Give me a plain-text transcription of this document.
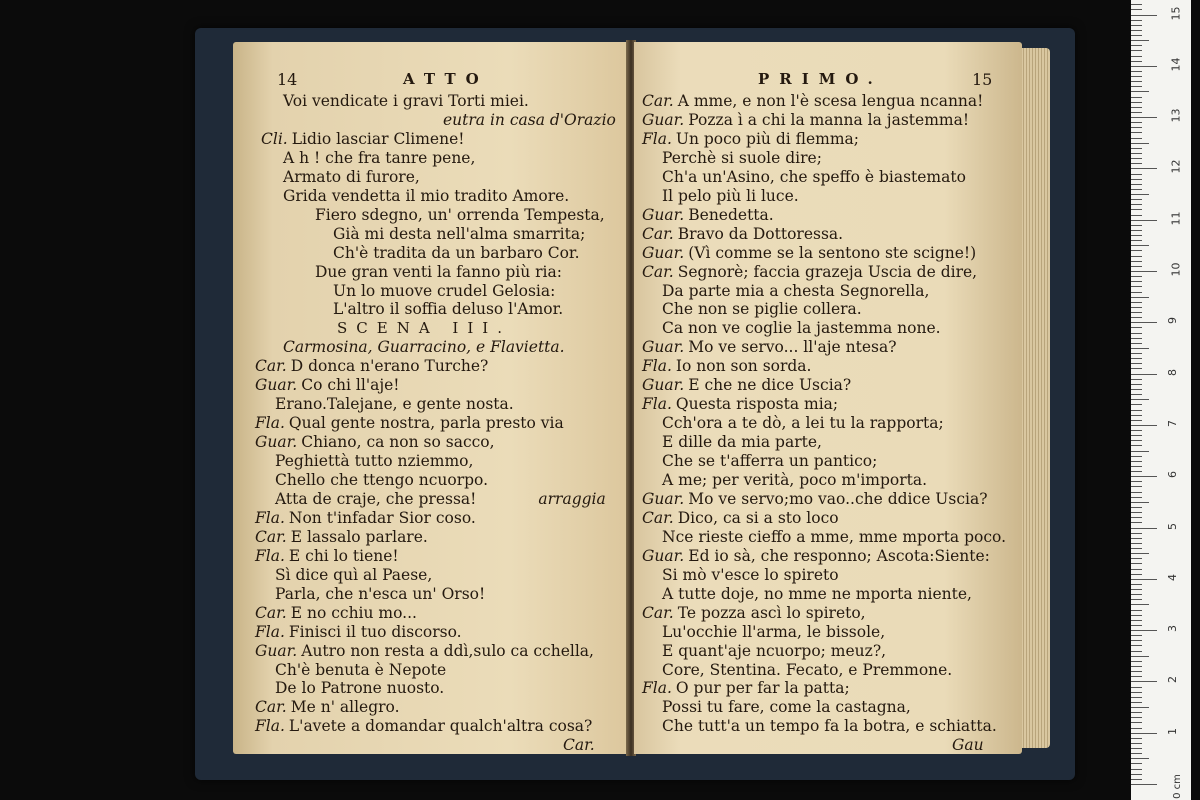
14	ATTO
Voi vendicate i gravi Torti miei.
eutra in casa d'Orazio
Cli. Lidio lasciar Climene!
A h ! che fra tanre pene,
Armato di furore,
Grida vendetta il mio tradito Amore.
Fiero sdegno, un' orrenda Tempesta,
Già mi desta nell'alma smarrita;
Ch'è tradita da un barbaro Cor.
Due gran venti la fanno più ria:
Un lo muove crudel Gelosia:
L'altro il soffia deluso l'Amor.
SCENA III.
Carmosina, Guarracino, e Flavietta.
Car. D donca n'erano Turche?
Guar. Co chi ll'aje!
Erano.Talejane, e gente nosta.
Fla. Qual gente nostra, parla presto via
Guar. Chiano, ca non so sacco,
Peghiettà tutto nziemmo,
Chello che ttengo ncuorpo.
Atta de craje, che pressa!	arraggia
Fla. Non t'infadar Sior coso.
Car. E lassalo parlare.
Fla. E chi lo tiene!
Sì dice quì al Paese,
Parla, che n'esca un' Orso!
Car. E no cchiu mo...
Fla. Finisci il tuo discorso.
Guar. Autro non resta a ddì,sulo ca cchella,
Ch'è benuta è Nepote
De lo Patrone nuosto.
Car. Me n' allegro.
Fla. L'avete a domandar qualch'altra cosa?
Car.
PRIMO.	15
Car. A mme, e non l'è scesa lengua ncanna!
Guar. Pozza ì a chi la manna la jastemma!
Fla. Un poco più di flemma;
Perchè si suole dire;
Ch'a un'Asino, che speffo è biastemato
Il pelo più li luce.
Guar. Benedetta.
Car. Bravo da Dottoressa.
Guar. (Vì comme se la sentono ste scigne!)
Car. Segnorè; faccia grazeja Uscia de dire,
Da parte mia a chesta Segnorella,
Che non se piglie collera.
Ca non ve coglie la jastemma none.
Guar. Mo ve servo... ll'aje ntesa?
Fla. Io non son sorda.
Guar. E che ne dice Uscia?
Fla. Questa risposta mia;
Cch'ora a te dò, a lei tu la rapporta;
E dille da mia parte,
Che se t'afferra un pantico;
A me; per verità, poco m'importa.
Guar. Mo ve servo;mo vao..che ddice Uscia?
Car. Dico, ca si a sto loco
Nce rieste cieffo a mme, mme mporta poco.
Guar. Ed io sà, che responno; Ascota:Siente:
Si mò v'esce lo spireto
A tutte doje, no mme ne mporta niente,
Car. Te pozza ascì lo spireto,
Lu'occhie ll'arma, le bissole,
E quant'aje ncuorpo; meuz?,
Core, Stentina. Fecato, e Premmone.
Fla. O pur per far la patta;
Possi tu fare, come la castagna,
Che tutt'a un tempo fa la botra, e schiatta.
Gau
0 cm
1
2
3
4
5
6
7
8
9
10
11
12
13
14
15
